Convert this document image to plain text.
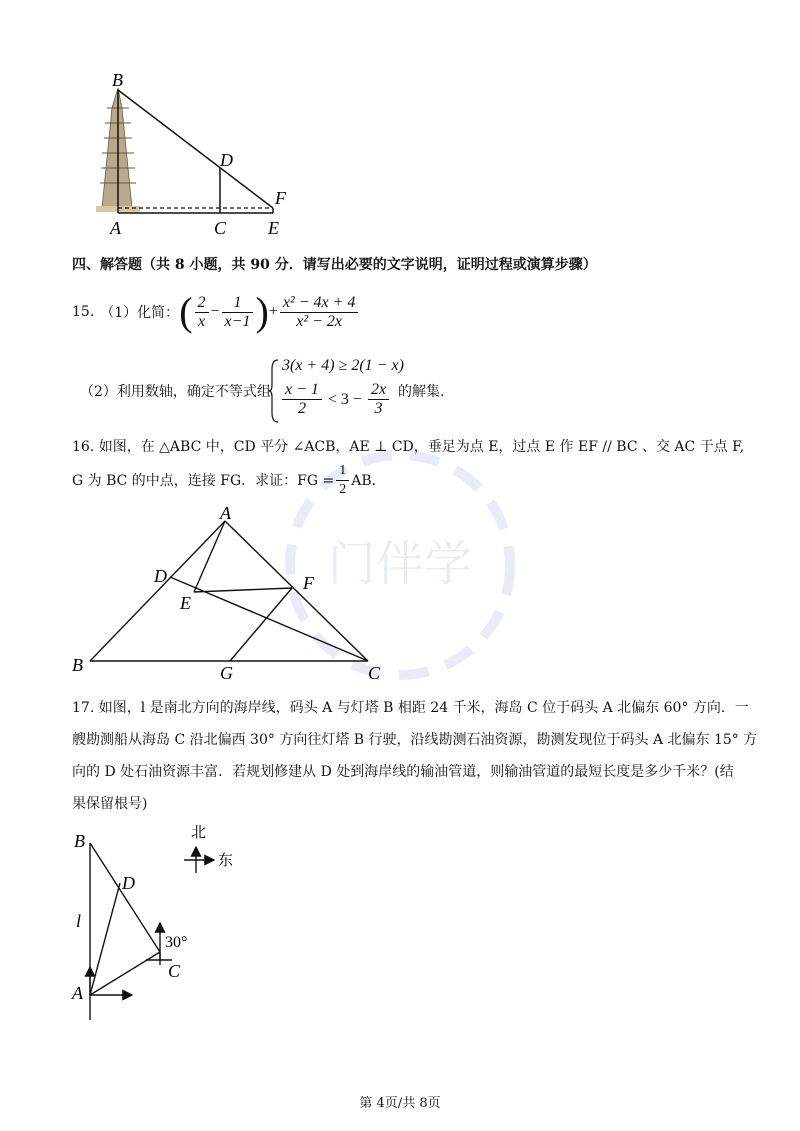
门伴学
B
D
F
A	C E
四、解答题（共 8 小题，共 90 分．请写出必要的文字说明，证明过程或演算步骤）
15. （1）化简： ( $\frac{2}{x} - \frac{1}{x-1}$ ) + $\frac{\text{x² − 4x + 4}}{\text{x² − 2x}}$
（2）利用数轴，确定不等式组
3(x + 4) ≥ 2(1 − x)
$\frac{x - 1}{2} < 3 - \frac{2x}{3}$ 的解集.
16. 如图，在 △ABC 中，CD 平分 ∠ACB，AE ⊥ CD，垂足为点 E，过点 E 作 EF // BC 、交 AC 于点 F,
G 为 BC 的中点，连接 FG．求证：FG = $\frac{1}{2}$ AB．
A
D	F
E
B	G	C
17. 如图，l 是南北方向的海岸线，码头 A 与灯塔 B 相距 24 千米，海岛 C 位于码头 A 北偏东 60° 方向．一
艘勘测船从海岛 C 沿北偏西 30° 方向往灯塔 B 行驶，沿线勘测石油资源，勘测发现位于码头 A 北偏东 15° 方
向的 D 处石油资源丰富．若规划修建从 D 处到海岸线的输油管道，则输油管道的最短长度是多少千米？(结
果保留根号)
B
D
l
A
C
30°
北
东
第 4页/共 8页
